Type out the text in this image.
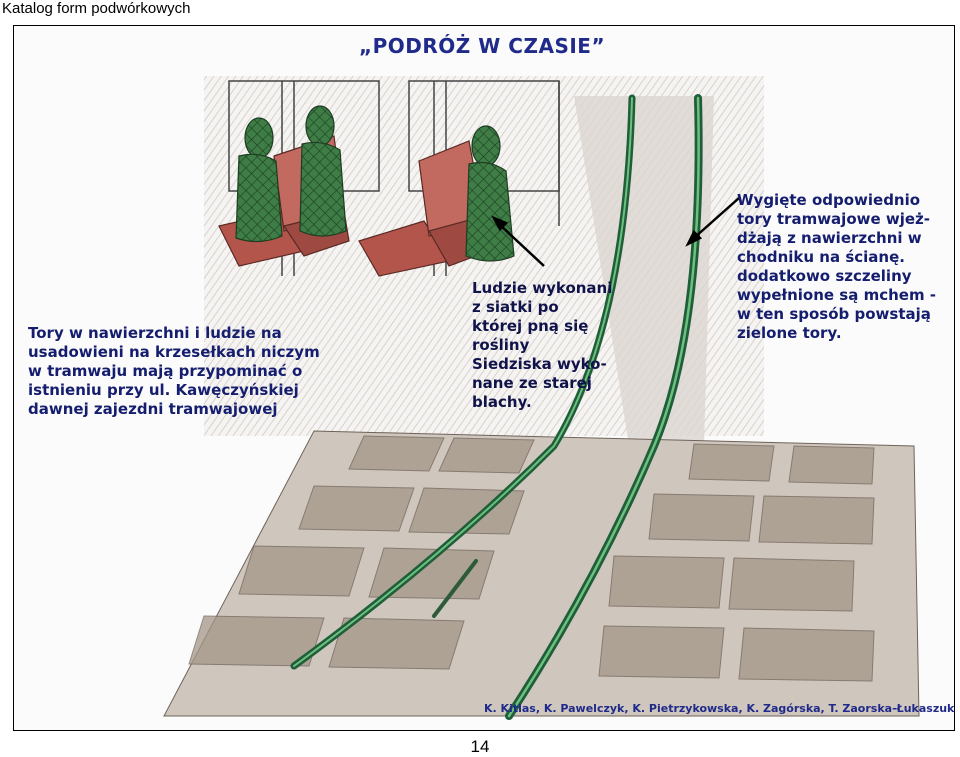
Katalog form podwórkowych
„PODRÓŻ W CZASIE”
Tory w nawierzchni i ludzie na
usadowieni na krzesełkach niczym
w tramwaju mają przypominać o
istnieniu przy ul. Kawęczyńskiej
dawnej zajezdni tramwajowej
Ludzie wykonani
z siatki po
której pną się
rośliny
Siedziska wyko-
nane ze starej
blachy.
Wygięte odpowiednio
tory tramwajowe wjeż-
dżają z nawierzchni w
chodniku na ścianę.
dodatkowo szczeliny
wypełnione są mchem -
w ten sposób powstają
zielone tory.
K. Kitlas, K. Pawelczyk, K. Pietrzykowska, K. Zagórska, T. Zaorska-Łukaszuk
14
